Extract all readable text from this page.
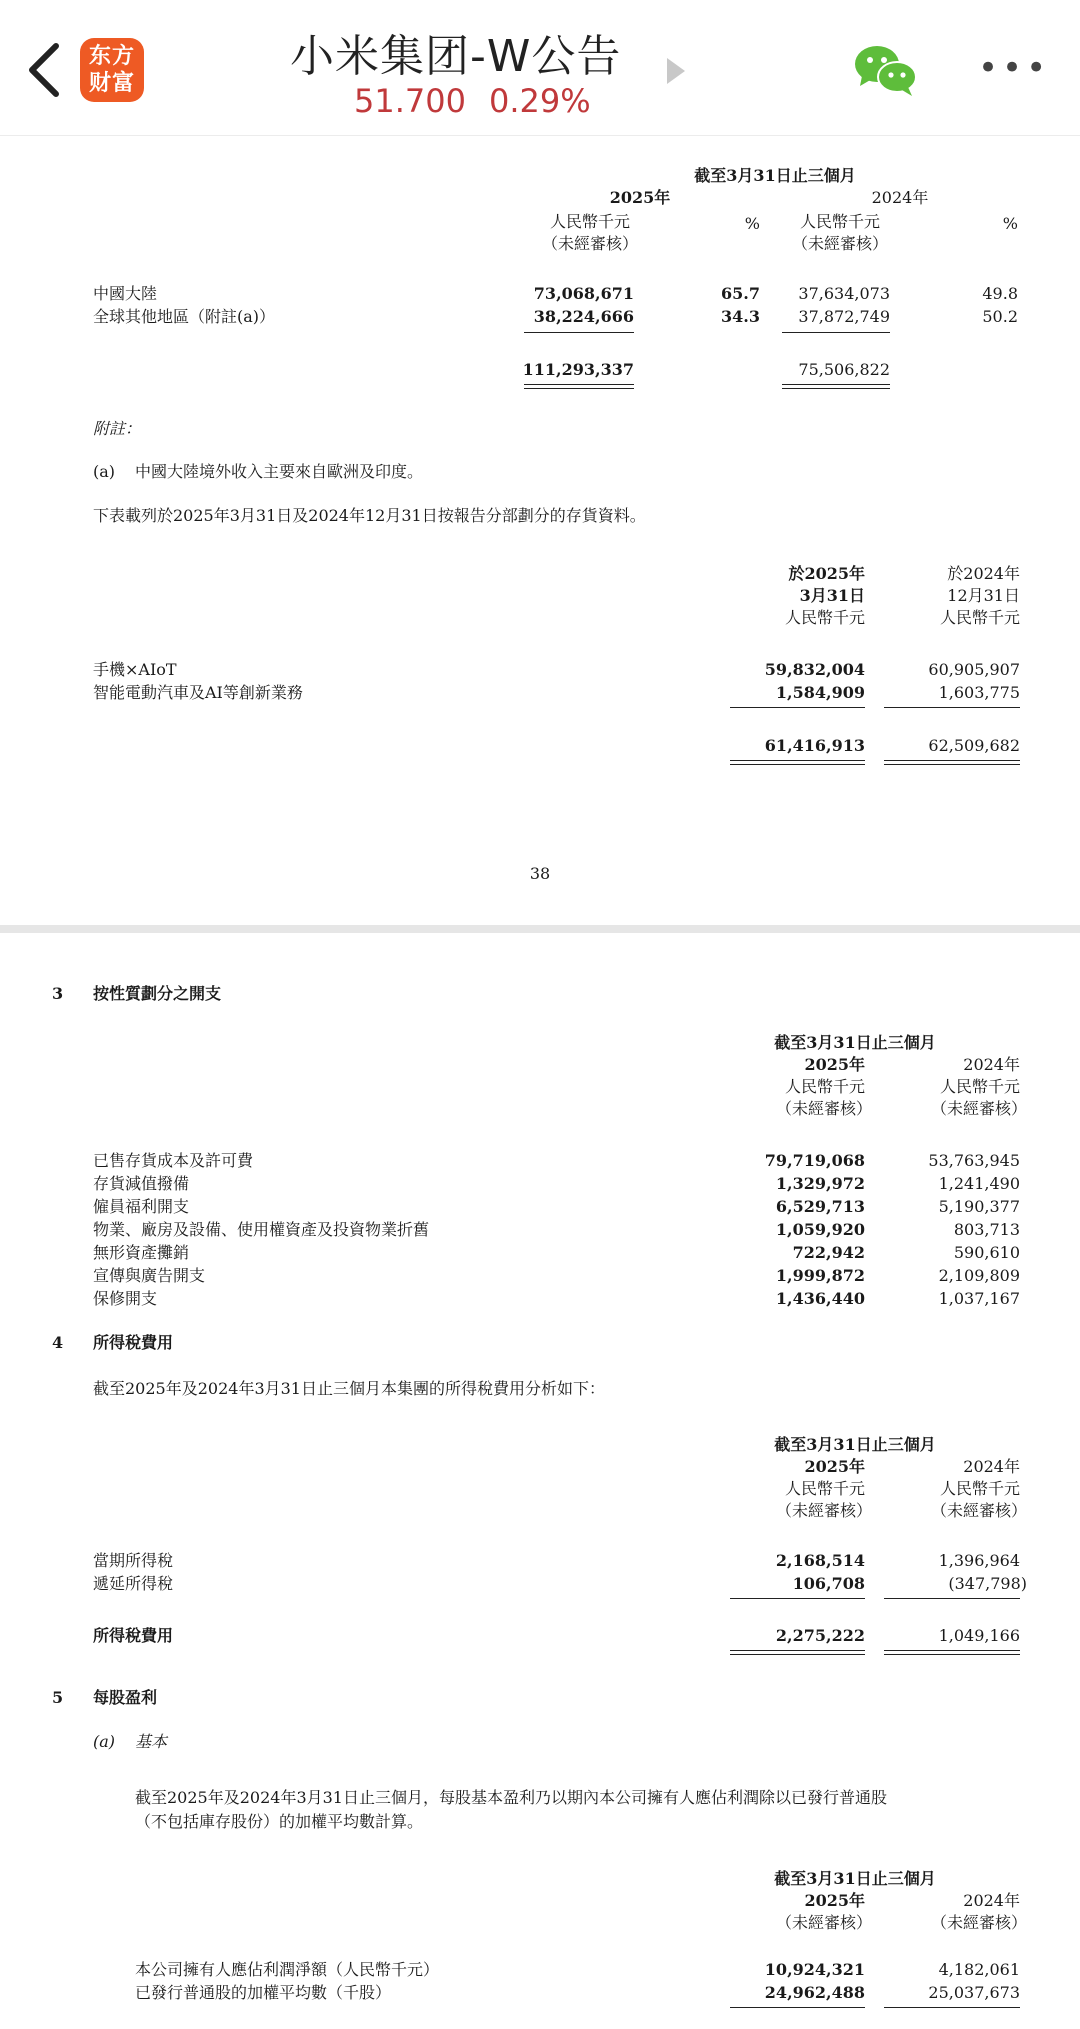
东方
财富
小米集团-W公告
51.700 0.29%
•••
截至3月31日止三個月
2025年	2024年
人民幣千元	人民幣千元
（未經審核）	（未經審核）
%	%
中國大陸	73,068,671	65.7	37,634,073	49.8
全球其他地區（附註(a)）	38,224,666	34.3	37,872,749	50.2
111,293,337	75,506,822
附註：
(a) 中國大陸境外收入主要來自歐洲及印度。
下表載列於2025年3月31日及2024年12月31日按報告分部劃分的存貨資料。
於2025年
3月31日
人民幣千元
於2024年
12月31日
人民幣千元
手機×AIoT	59,832,004	60,905,907
智能電動汽車及AI等創新業務	1,584,909	1,603,775
61,416,913	62,509,682
38
3 按性質劃分之開支
截至3月31日止三個月
2025年	2024年
人民幣千元	人民幣千元
（未經審核）	（未經審核）
已售存貨成本及許可費	79,719,068	53,763,945
存貨減值撥備	1,329,972	1,241,490
僱員福利開支	6,529,713	5,190,377
物業、廠房及設備、使用權資產及投資物業折舊	1,059,920	803,713
無形資產攤銷	722,942	590,610
宣傳與廣告開支	1,999,872	2,109,809
保修開支	1,436,440	1,037,167
4 所得稅費用
截至2025年及2024年3月31日止三個月本集團的所得稅費用分析如下：
截至3月31日止三個月
2025年	2024年
人民幣千元	人民幣千元
（未經審核）	（未經審核）
當期所得稅	2,168,514	1,396,964
遞延所得稅	106,708	(347,798)
所得稅費用	2,275,222	1,049,166
5 每股盈利
(a) 基本
截至2025年及2024年3月31日止三個月，每股基本盈利乃以期內本公司擁有人應佔利潤除以已發行普通股
（不包括庫存股份）的加權平均數計算。
截至3月31日止三個月
2025年	2024年
（未經審核）	（未經審核）
本公司擁有人應佔利潤淨額（人民幣千元）	10,924,321	4,182,061
已發行普通股的加權平均數（千股）	24,962,488	25,037,673
